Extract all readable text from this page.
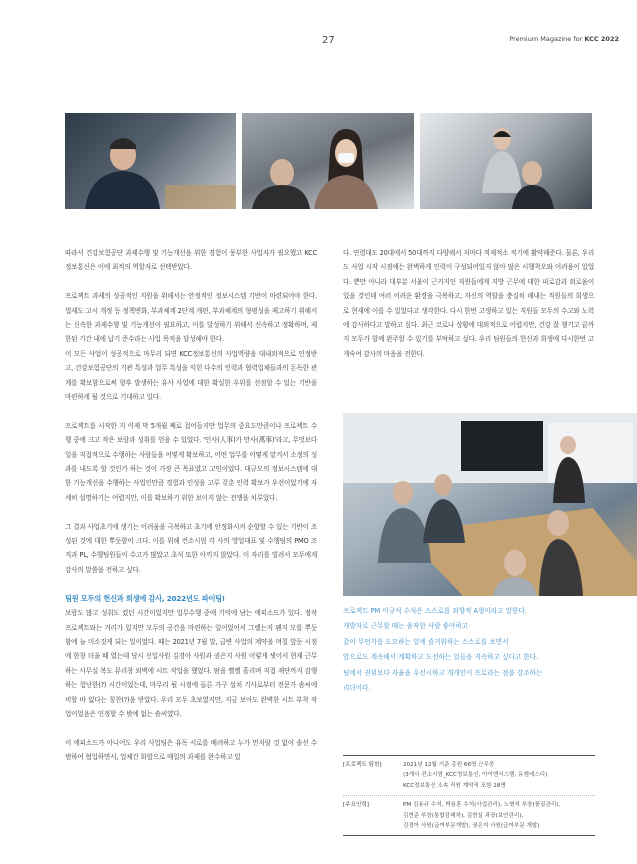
27	Premium Magazine for KCC 2022

따라서 건강보험공단 과제수행 및 기능개선을 위한 경험이 풍부한 사업자가 필요했고 KCC정보통신은 이에 최적의 역할자로 선택받았다.

프로젝트 과제의 성공적인 지원을 위해서는 안정적인 정보시스템 기반이 마련되어야 한다. 법제도 고시 개정 등 정책변화, 부과체계 2단계 개편, 부과체계의 형평성을 제고하기 위해서는 신속한 과제수행 및 기능개선이 필요하고, 이를 달성하기 위해서 신속하고 정확하며, 제한된 기간 내에 납기 준수라는 사업 목적을 달성해야 한다.

이 모든 사업이 성공적으로 마무리 되면 KCC정보통신의 사업역량을 대내외적으로 인정받고, 건강보험공단의 기관 특성과 업무 특성을 익힌 다수의 인력과 협력업체들과의 돈독한 관계를 확보함으로써 향후 발생하는 유사 사업에 대한 확실한 우위를 선점할 수 있는 기반을 마련하게 될 것으로 기대하고 있다.

프로젝트를 시작한 지 이제 막 5개월 째로 접어들지만 업무의 중요도만큼이나 프로젝트 수행 중에 크고 작은 보람과 성취를 얻을 수 있었다. '인사(人事)가 만사(萬事)'라고, 무엇보다 일을 직접적으로 수행하는 사람들을 어떻게 확보하고, 어떤 업무를 어떻게 맡겨서 소정의 성과를 내도록 할 것인가 하는 것이 가장 큰 목표였고 고민이었다. 대규모의 정보시스템에 대한 기능개선을 수행하는 사업인만큼 경험과 인성을 고루 갖춘 인력 확보가 우선이었기에 자세히 설명하기는 어렵지만, 이를 확보하기 위한 보이지 않는 전쟁을 치루었다.

그 결과 사업초기에 생기는 어려움을 극복하고 초기에 안정화시켜 순항할 수 있는 기반이 조성된 것에 대한 뿌듯함이 크다. 이를 위해 컨소시엄 각 사의 영업대표 및 수행팀의 PMO 조직과 PL, 수행팀원들이 수고가 많았고 초석 또한 아끼지 않았다. 이 자리를 빌려서 모두에게 감사의 말씀을 전하고 싶다.

팀원 모두의 헌신과 희생에 감사, 2022년도 파이팅!

보람도 많고 성취도 컸던 시간이었지만 업무수행 중에 기억에 남는 에피소드가 있다. 정작 프로젝트와는 거리가 있지만 모두의 공간을 마련하는 일이었어서 그랬는지 왠지 모를 뿌듯함에 늘 미소짓게 되는 일이었다. 때는 2021년 7월 말, 급변 사업의 계약을 며칠 앞둔 시점에 한창 더울 때 였는데 당시 신입사원 김경아 사원과 권은지 사원 이렇게 셋이서 현재 근무하는 사무실 복도 뮤리창 외벽에 시트 작업을 했었다. 땀을 뻘뻘 흘리며 직접 재단까지 감행하는 험난한(?) 시간이었는데, 마무리 될 시점에 들른 가구 설치 기사로부터 전문가 솜씨에 비할 바 없다는 칭찬(?)을 받았다. 우리 모두 초보였지만, 지금 보아도 완벽한 시트 부착 작업이었음은 인정할 수 밖에 없는 솜씨였다.

이 에피소드가 아니어도 우리 사업팀은 유독 서로를 배려하고 누가 먼저랄 것 없이 솔선 수범하여 협업하면서, 업체간 화합으로 매일의 과제를 완수하고 있

다. 연령대도 20대에서 50대까지 다양해서 저마다 적재적소 적기에 활약해준다. 물론, 우리도 사업 시작 시점에는 완벽하게 인력이 구성되어있지 않아 많은 시행착오와 어려움이 있었다. 뿐만 아니라 대부분 서울이 근거지인 직원들에게 지방 근무에 대한 피로감과 외로움이 있을 것인데 여러 어려운 환경을 극복하고, 자신의 역할을 충실히 해내는 직원들의 희생으로 현재에 이를 수 있었다고 생각한다. 다시 한번 고생하고 있는 직원들 모두의 수고와 노력에 감사하다고 말하고 싶다. 최근 코로나 상황에 대외적으로 어렵지만, 건강 잘 챙기고 끝까지 모두가 함께 완주할 수 있기를 부탁하고 싶다. 우리 팀원들의 헌신과 희생에 다시한번 고개숙여 감사의 마음을 전한다.

프로젝트 PM 이규석 수석은 스스로를 외향적 A형이라고 말한다.
개발자로 근무할 때는 움작한 사람 좋아하고
같이 무언가를 도모하는 일에 즐거워하는 스스로를 보면서
앞으로도 계속해서 계획하고 도전하는 일들을 지속하고 싶다고 한다.
팀에서 권위보다 자율을 우선시하고 개개인이 프로라는 점을 강조하는
리더이다.
[프로젝트 팀원]	2021년 12월 기준 총원 66명 근무중
(3개사 컨소시엄_KCC정보통신, 아이엔시스템, 유엠에스디)
KCC정보통신 소속 직원 계약직 포함 28명
[주요인력]	PM 김용규 수석, 박용훈 수석(사업관리), 노형석 부장(품질관리),
김현준 부장(통합감래차), 김현실 과장(보안관리),
김경아 사원(급여부문개발), 권은지 사원(급여부문 개발)
